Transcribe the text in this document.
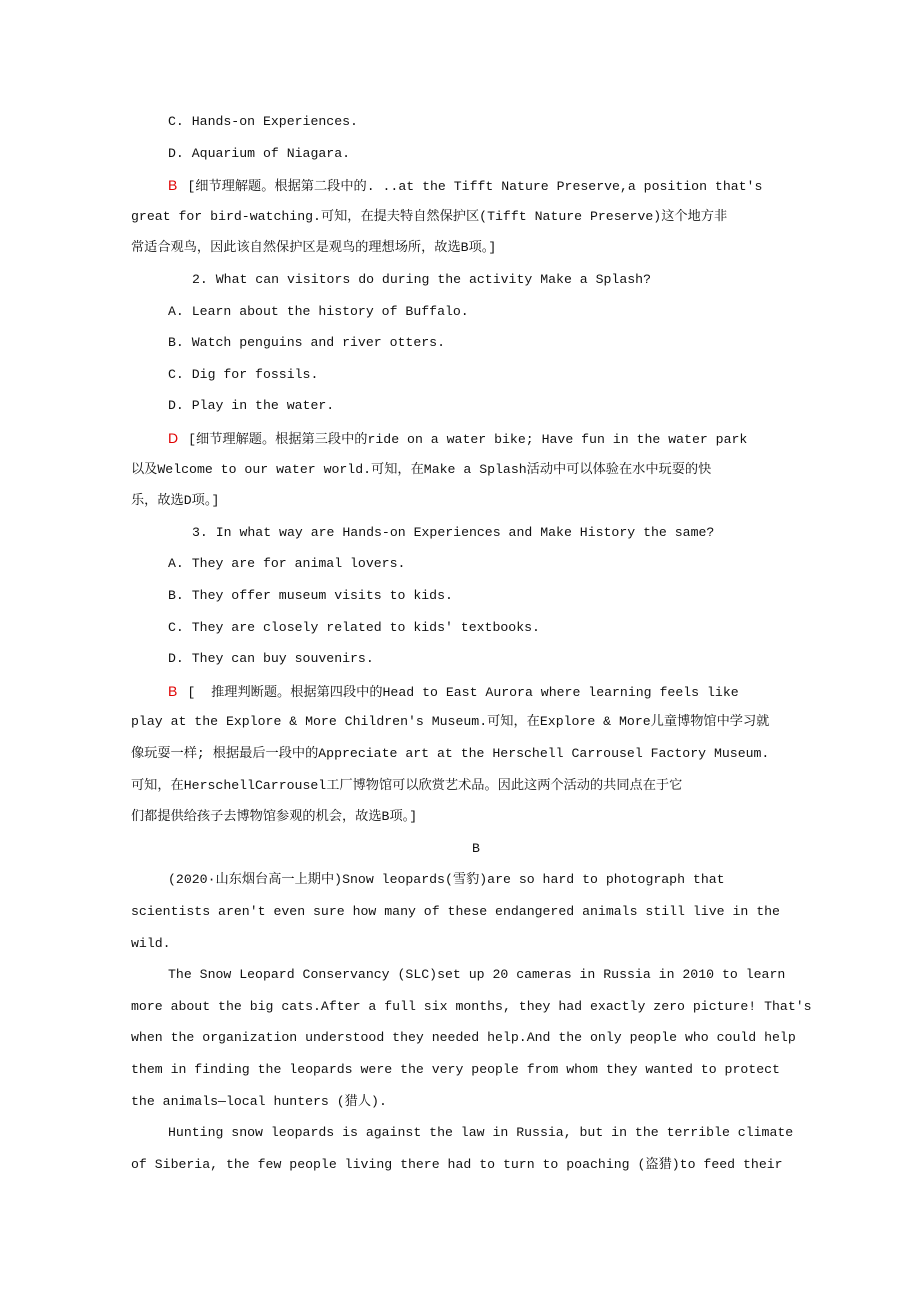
C. Hands-on Experiences.
D. Aquarium of Niagara.
B [细节理解题。根据第二段中的. ..at the Tifft Nature Preserve,a position that's
great for bird-watching.可知，在提夫特自然保护区(Tifft Nature Preserve)这个地方非
常适合观鸟，因此该自然保护区是观鸟的理想场所，故选B项。]
2. What can visitors do during the activity Make a Splash?
A. Learn about the history of Buffalo.
B. Watch penguins and river otters.
C. Dig for fossils.
D. Play in the water.
D [细节理解题。根据第三段中的ride on a water bike; Have fun in the water park
以及Welcome to our water world.可知，在Make a Splash活动中可以体验在水中玩耍的快
乐，故选D项。]
3. In what way are Hands-on Experiences and Make History the same?
A. They are for animal lovers.
B. They offer museum visits to kids.
C. They are closely related to kids' textbooks.
D. They can buy souvenirs.
B [  推理判断题。根据第四段中的Head to East Aurora where learning feels like
play at the Explore & More Children's Museum.可知，在Explore & More儿童博物馆中学习就
像玩耍一样; 根据最后一段中的Appreciate art at the Herschell Carrousel Factory Museum.
可知，在HerschellCarrousel工厂博物馆可以欣赏艺术品。因此这两个活动的共同点在于它
们都提供给孩子去博物馆参观的机会，故选B项。]
B
(2020·山东烟台高一上期中)Snow leopards(雪豹)are so hard to photograph that
scientists aren't even sure how many of these endangered animals still live in the
wild.
The Snow Leopard Conservancy (SLC)set up 20 cameras in Russia in 2010 to learn
more about the big cats.After a full six months, they had exactly zero picture! That's
when the organization understood they needed help.And the only people who could help
them in finding the leopards were the very people from whom they wanted to protect
the animals—local hunters (猎人).
Hunting snow leopards is against the law in Russia, but in the terrible climate
of Siberia, the few people living there had to turn to poaching (盗猎)to feed their
